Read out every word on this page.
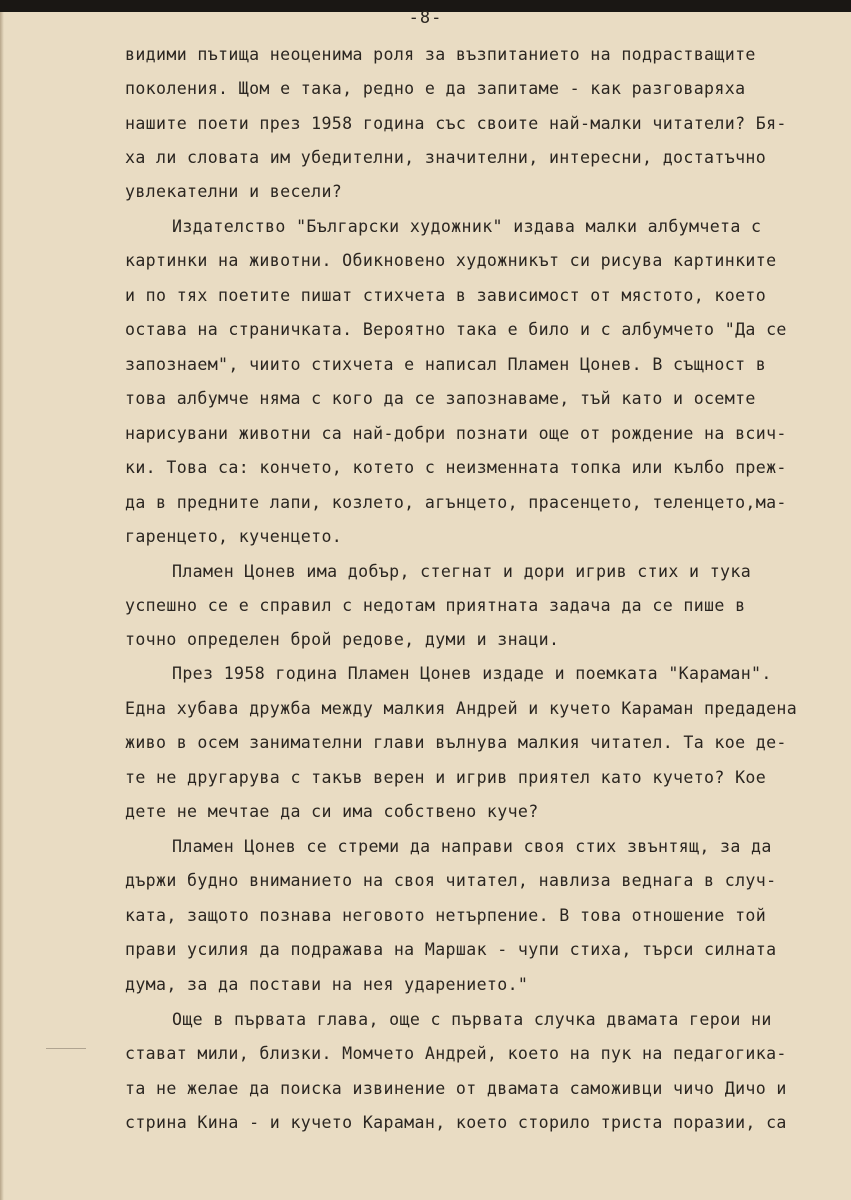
-8-
видими пътища неоценима роля за възпитанието на подрастващите
поколения. Щом е така, редно е да запитаме - как разговаряха
нашите поети през 1958 година със своите най-малки читатели? Бя-
ха ли словата им убедителни, значителни, интересни, достатъчно
увлекателни и весели?
Издателство "Български художник" издава малки албумчета с
картинки на животни. Обикновено художникът си рисува картинките
и по тях поетите пишат стихчета в зависимост от мястото, което
остава на страничката. Вероятно така е било и с албумчето "Да се
запознаем", чиито стихчета е написал Пламен Цонев. В същност в
това албумче няма с кого да се запознаваме, тъй като и осемте
нарисувани животни са най-добри познати още от рождение на всич-
ки. Това са: кончето, котето с неизменната топка или кълбо преж-
да в предните лапи, козлето, агънцето, прасенцето, теленцето,ма-
гаренцето, кученцето.
Пламен Цонев има добър, стегнат и дори игрив стих и тука
успешно се е справил с недотам приятната задача да се пише в
точно определен брой редове, думи и знаци.
През 1958 година Пламен Цонев издаде и поемката "Караман".
Една хубава дружба между малкия Андрей и кучето Караман предадена
живо в осем занимателни глави вълнува малкия читател. Та кое де-
те не другарува с такъв верен и игрив приятел като кучето? Кое
дете не мечтае да си има собствено куче?
Пламен Цонев се стреми да направи своя стих звънтящ, за да
държи будно вниманието на своя читател, навлиза веднага в случ-
ката, защото познава неговото нетърпение. В това отношение той
прави усилия да подражава на Маршак - чупи стиха, търси силната
дума, за да постави на нея ударението."
Още в първата глава, още с първата случка двамата герои ни
стават мили, близки. Момчето Андрей, което на пук на педагогика-
та не желае да поиска извинение от двамата саможивци чичо Дичо и
стрина Кина - и кучето Караман, което сторило триста поразии, са
